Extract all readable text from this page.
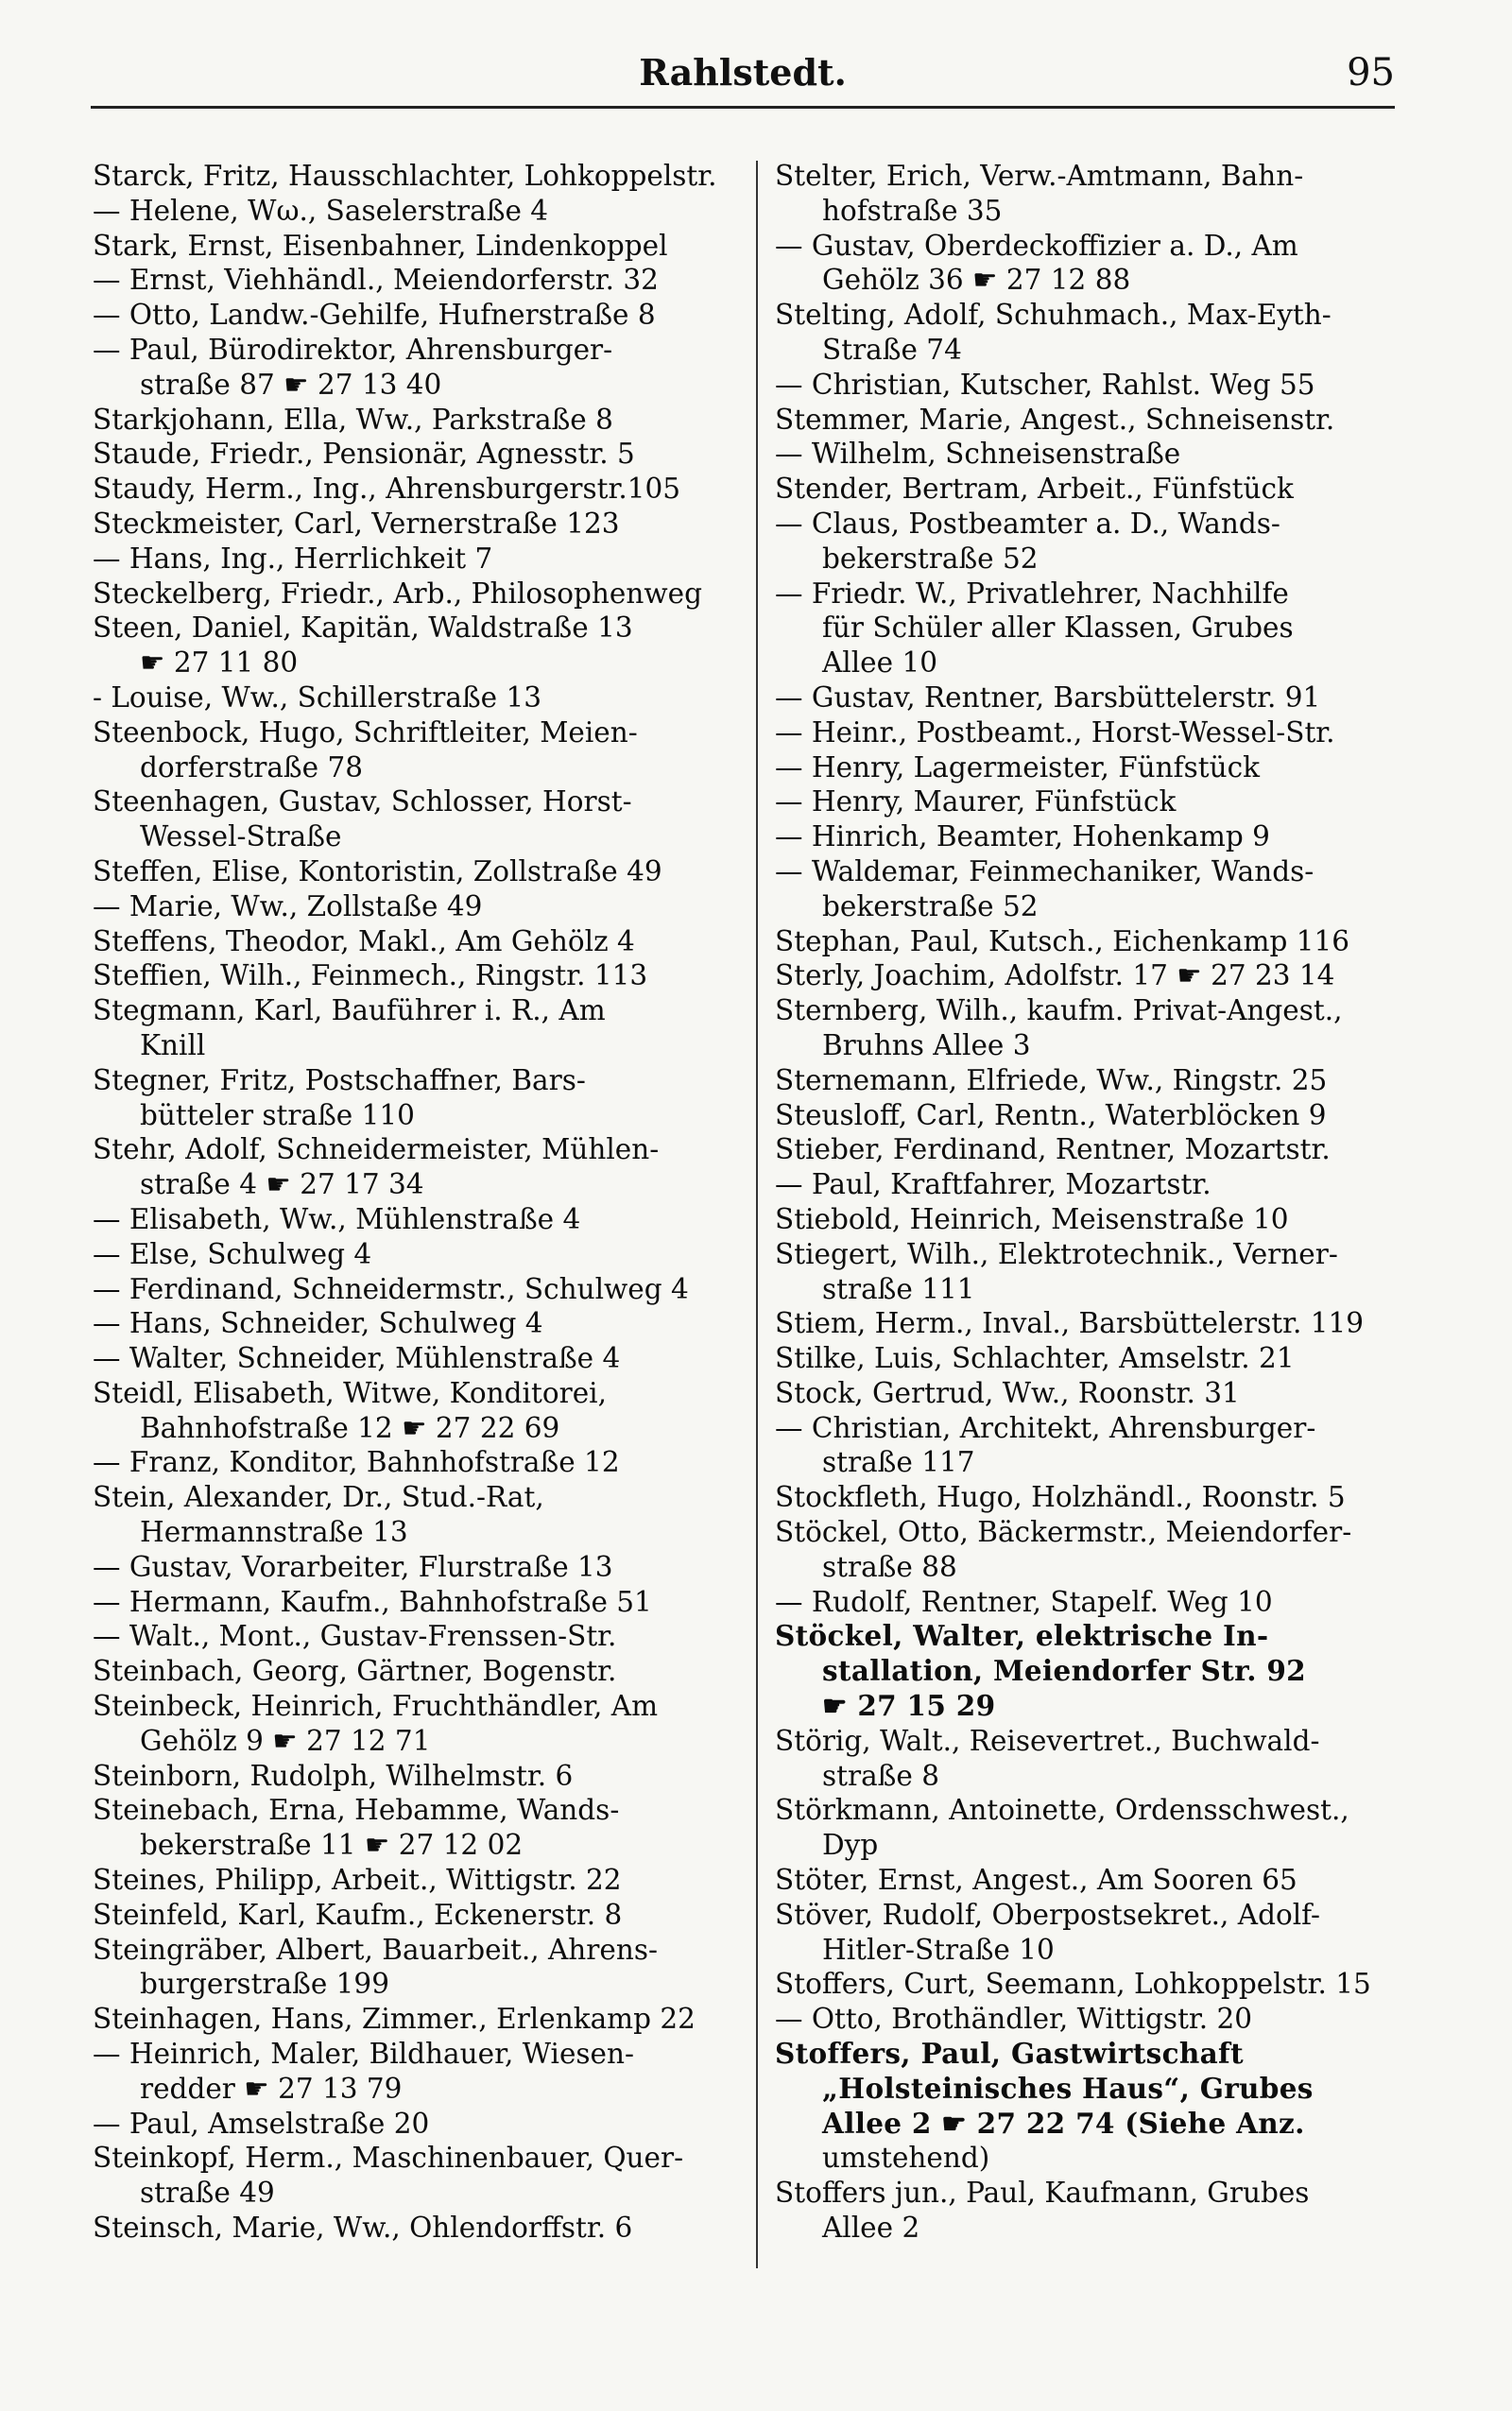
Rahlstedt.	95
Starck, Fritz, Hausschlachter, Lohkoppelstr.
— Helene, Wω., Saselerstraße 4
Stark, Ernst, Eisenbahner, Lindenkoppel
— Ernst, Viehhändl., Meiendorferstr. 32
— Otto, Landw.-Gehilfe, Hufnerstraße 8
— Paul, Bürodirektor, Ahrensburger-
straße 87 ☛ 27 13 40
Starkjohann, Ella, Ww., Parkstraße 8
Staude, Friedr., Pensionär, Agnesstr. 5
Staudy, Herm., Ing., Ahrensburgerstr.105
Steckmeister, Carl, Vernerstraße 123
— Hans, Ing., Herrlichkeit 7
Steckelberg, Friedr., Arb., Philosophenweg
Steen, Daniel, Kapitän, Waldstraße 13
☛ 27 11 80
- Louise, Ww., Schillerstraße 13
Steenbock, Hugo, Schriftleiter, Meien-
dorferstraße 78
Steenhagen, Gustav, Schlosser, Horst-
Wessel-Straße
Steffen, Elise, Kontoristin, Zollstraße 49
— Marie, Ww., Zollstaße 49
Steffens, Theodor, Makl., Am Gehölz 4
Steffien, Wilh., Feinmech., Ringstr. 113
Stegmann, Karl, Bauführer i. R., Am
Knill
Stegner, Fritz, Postschaffner, Bars-
bütteler straße 110
Stehr, Adolf, Schneidermeister, Mühlen-
straße 4 ☛ 27 17 34
— Elisabeth, Ww., Mühlenstraße 4
— Else, Schulweg 4
— Ferdinand, Schneidermstr., Schulweg 4
— Hans, Schneider, Schulweg 4
— Walter, Schneider, Mühlenstraße 4
Steidl, Elisabeth, Witwe, Konditorei,
Bahnhofstraße 12 ☛ 27 22 69
— Franz, Konditor, Bahnhofstraße 12
Stein, Alexander, Dr., Stud.-Rat,
Hermannstraße 13
— Gustav, Vorarbeiter, Flurstraße 13
— Hermann, Kaufm., Bahnhofstraße 51
— Walt., Mont., Gustav-Frenssen-Str.
Steinbach, Georg, Gärtner, Bogenstr.
Steinbeck, Heinrich, Fruchthändler, Am
Gehölz 9 ☛ 27 12 71
Steinborn, Rudolph, Wilhelmstr. 6
Steinebach, Erna, Hebamme, Wands-
bekerstraße 11 ☛ 27 12 02
Steines, Philipp, Arbeit., Wittigstr. 22
Steinfeld, Karl, Kaufm., Eckenerstr. 8
Steingräber, Albert, Bauarbeit., Ahrens-
burgerstraße 199
Steinhagen, Hans, Zimmer., Erlenkamp 22
— Heinrich, Maler, Bildhauer, Wiesen-
redder ☛ 27 13 79
— Paul, Amselstraße 20
Steinkopf, Herm., Maschinenbauer, Quer-
straße 49
Steinsch, Marie, Ww., Ohlendorffstr. 6
Stelter, Erich, Verw.-Amtmann, Bahn-
hofstraße 35
— Gustav, Oberdeckoffizier a. D., Am
Gehölz 36 ☛ 27 12 88
Stelting, Adolf, Schuhmach., Max-Eyth-
Straße 74
— Christian, Kutscher, Rahlst. Weg 55
Stemmer, Marie, Angest., Schneisenstr.
— Wilhelm, Schneisenstraße
Stender, Bertram, Arbeit., Fünfstück
— Claus, Postbeamter a. D., Wands-
bekerstraße 52
— Friedr. W., Privatlehrer, Nachhilfe
für Schüler aller Klassen, Grubes
Allee 10
— Gustav, Rentner, Barsbüttelerstr. 91
— Heinr., Postbeamt., Horst-Wessel-Str.
— Henry, Lagermeister, Fünfstück
— Henry, Maurer, Fünfstück
— Hinrich, Beamter, Hohenkamp 9
— Waldemar, Feinmechaniker, Wands-
bekerstraße 52
Stephan, Paul, Kutsch., Eichenkamp 116
Sterly, Joachim, Adolfstr. 17 ☛ 27 23 14
Sternberg, Wilh., kaufm. Privat-Angest.,
Bruhns Allee 3
Sternemann, Elfriede, Ww., Ringstr. 25
Steusloff, Carl, Rentn., Waterblöcken 9
Stieber, Ferdinand, Rentner, Mozartstr.
— Paul, Kraftfahrer, Mozartstr.
Stiebold, Heinrich, Meisenstraße 10
Stiegert, Wilh., Elektrotechnik., Verner-
straße 111
Stiem, Herm., Inval., Barsbüttelerstr. 119
Stilke, Luis, Schlachter, Amselstr. 21
Stock, Gertrud, Ww., Roonstr. 31
— Christian, Architekt, Ahrensburger-
straße 117
Stockfleth, Hugo, Holzhändl., Roonstr. 5
Stöckel, Otto, Bäckermstr., Meiendorfer-
straße 88
— Rudolf, Rentner, Stapelf. Weg 10
Stöckel, Walter, elektrische In-
stallation, Meiendorfer Str. 92
☛ 27 15 29
Störig, Walt., Reisevertret., Buchwald-
straße 8
Störkmann, Antoinette, Ordensschwest.,
Dyp
Stöter, Ernst, Angest., Am Sooren 65
Stöver, Rudolf, Oberpostsekret., Adolf-
Hitler-Straße 10
Stoffers, Curt, Seemann, Lohkoppelstr. 15
— Otto, Brothändler, Wittigstr. 20
Stoffers, Paul, Gastwirtschaft
„Holsteinisches Haus“, Grubes
Allee 2 ☛ 27 22 74 (Siehe Anz.
umstehend)
Stoffers jun., Paul, Kaufmann, Grubes
Allee 2
